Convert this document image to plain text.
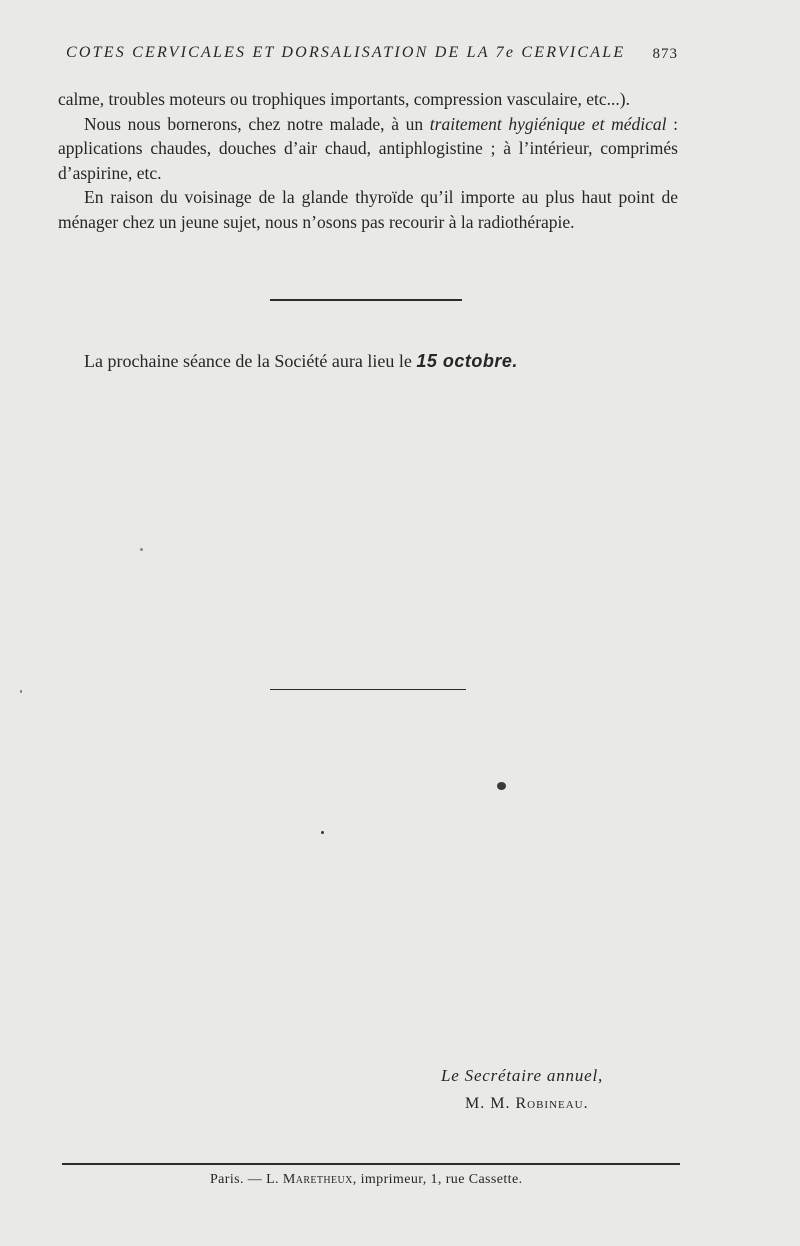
COTES CERVICALES ET DORSALISATION DE LA 7e CERVICALE 873

calme, troubles moteurs ou trophiques importants, compression vasculaire, etc...).

Nous nous bornerons, chez notre malade, à un traitement hygiénique et médical : applications chaudes, douches d’air chaud, antiphlogistine ; à l’intérieur, comprimés d’aspirine, etc.

En raison du voisinage de la glande thyroïde qu’il importe au plus haut point de ménager chez un jeune sujet, nous n’osons pas recourir à la radiothérapie.

La prochaine séance de la Société aura lieu le 15 octobre.
Le Secrétaire annuel,
M. M. Robineau.
Paris. — L. Maretheux, imprimeur, 1, rue Cassette.
